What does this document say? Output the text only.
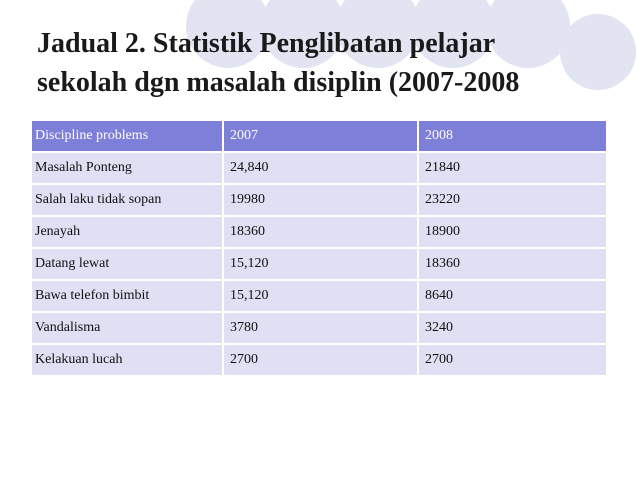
Jadual 2. Statistik Penglibatan pelajar
sekolah dgn masalah disiplin (2007-2008
Discipline problems	2007	2008
Masalah Ponteng	24,840	21840
Salah laku tidak sopan	19980	23220
Jenayah	18360	18900
Datang lewat	15,120	18360
Bawa telefon bimbit	15,120	8640
Vandalisma	3780	3240
Kelakuan lucah	2700	2700
